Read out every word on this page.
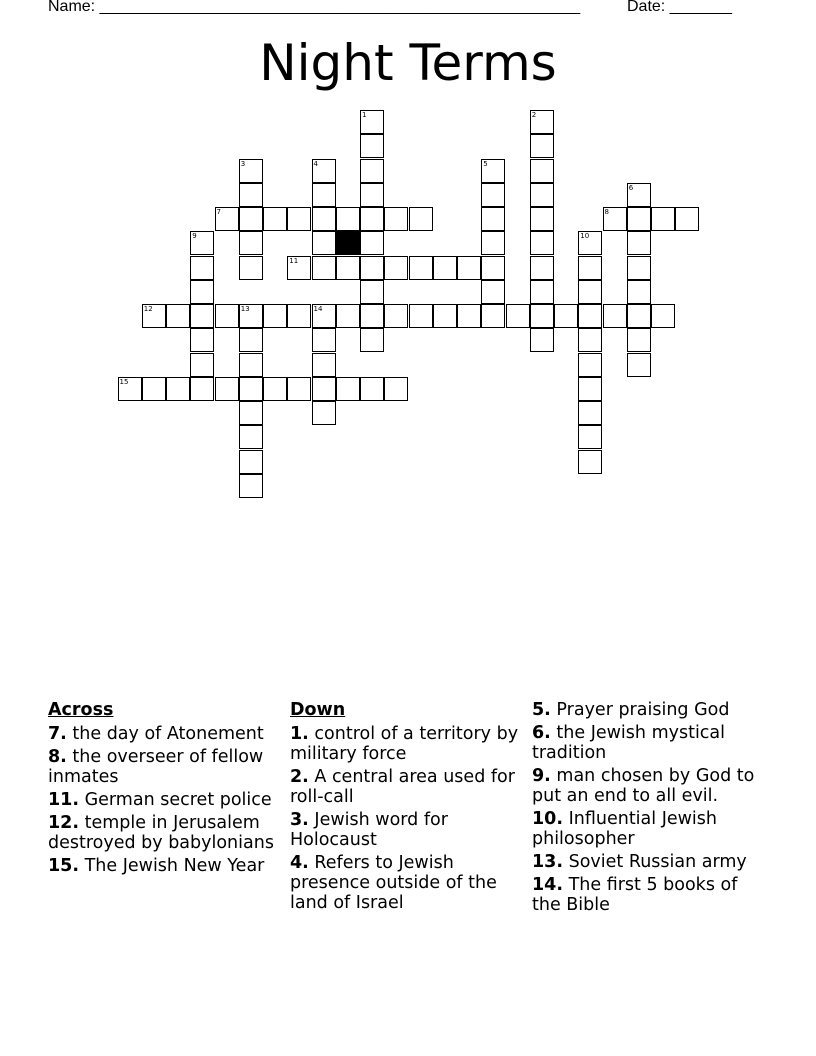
Name: ______________________________________________________	Date: _______
Night Terms
1	2
3	4	5
6
7	8
9	10
11
12	13	14
15
Across
7. the day of Atonement
8. the overseer of fellow inmates
11. German secret police
12. temple in Jerusalem destroyed by babylonians
15. The Jewish New Year
Down
1. control of a territory by military force
2. A central area used for roll-call
3. Jewish word for Holocaust
4. Refers to Jewish presence outside of the land of Israel
5. Prayer praising God
6. the Jewish mystical tradition
9. man chosen by God to put an end to all evil.
10. Influential Jewish philosopher
13. Soviet Russian army
14. The first 5 books of the Bible
